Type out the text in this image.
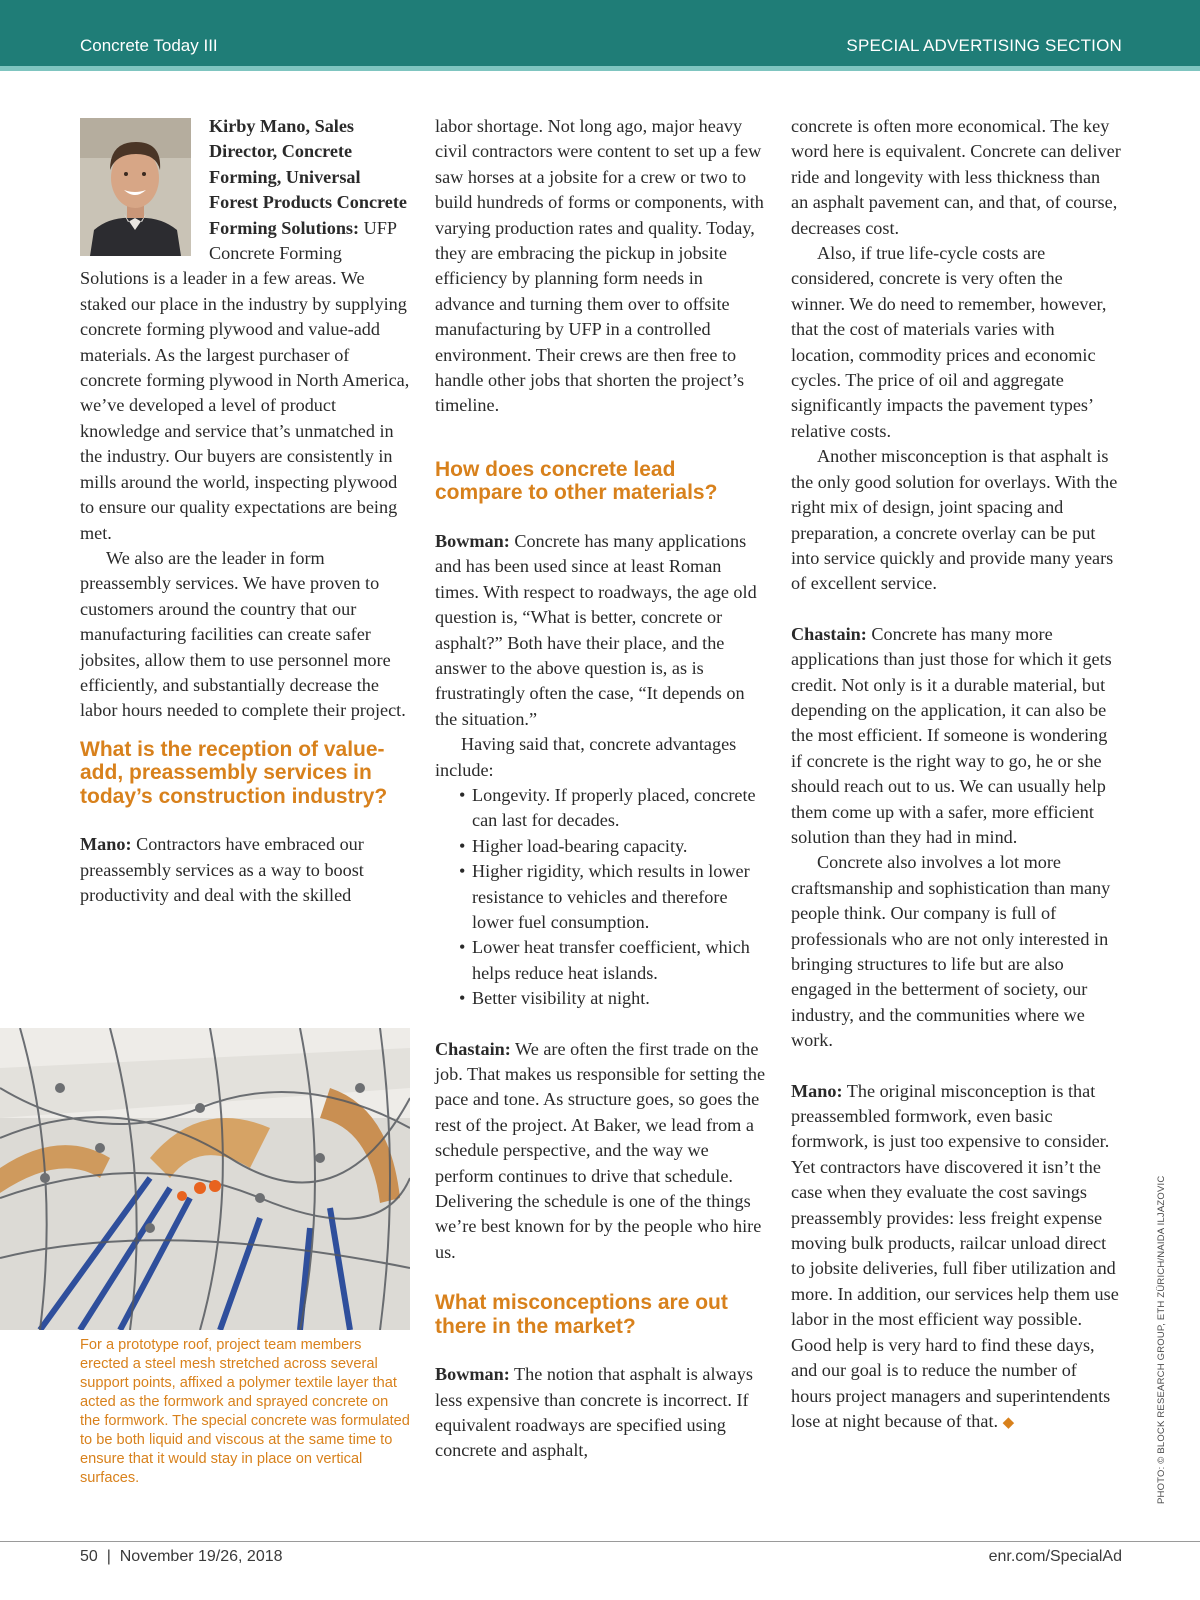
Concrete Today III	SPECIAL ADVERTISING SECTION

Kirby Mano, Sales Director, Concrete Forming, Universal Forest Products Concrete Forming Solutions: UFP Concrete Forming Solutions is a leader in a few areas. We staked our place in the industry by supplying concrete forming plywood and value-add materials. As the largest purchaser of concrete forming plywood in North America, we’ve developed a level of product knowledge and service that’s unmatched in the industry. Our buyers are consistently in mills around the world, inspecting plywood to ensure our quality expectations are being met.

We also are the leader in form preassembly services. We have proven to customers around the country that our manufacturing facilities can create safer jobsites, allow them to use personnel more efficiently, and substantially decrease the labor hours needed to complete their project.

What is the reception of value-add, preassembly services in today’s construction industry?

Mano: Contractors have embraced our preassembly services as a way to boost productivity and deal with the skilled

For a prototype roof, project team members erected a steel mesh stretched across several support points, affixed a polymer textile layer that acted as the formwork and sprayed concrete on the formwork. The special concrete was formulated to be both liquid and viscous at the same time to ensure that it would stay in place on vertical surfaces.

labor shortage. Not long ago, major heavy civil contractors were content to set up a few saw horses at a jobsite for a crew or two to build hundreds of forms or components, with varying production rates and quality. Today, they are embracing the pickup in jobsite efficiency by planning form needs in advance and turning them over to offsite manufacturing by UFP in a controlled environment. Their crews are then free to handle other jobs that shorten the project’s timeline.

How does concrete lead compare to other materials?

Bowman: Concrete has many applications and has been used since at least Roman times. With respect to roadways, the age old question is, “What is better, concrete or asphalt?” Both have their place, and the answer to the above question is, as is frustratingly often the case, “It depends on the situation.”

Having said that, concrete advantages include:

• Longevity. If properly placed, concrete can last for decades.
• Higher load-bearing capacity.
• Higher rigidity, which results in lower resistance to vehicles and therefore lower fuel consumption.
• Lower heat transfer coefficient, which helps reduce heat islands.
• Better visibility at night.

Chastain: We are often the first trade on the job. That makes us responsible for setting the pace and tone. As structure goes, so goes the rest of the project. At Baker, we lead from a schedule perspective, and the way we perform continues to drive that schedule. Delivering the schedule is one of the things we’re best known for by the people who hire us.

What misconceptions are out there in the market?

Bowman: The notion that asphalt is always less expensive than concrete is incorrect. If equivalent roadways are specified using concrete and asphalt,

concrete is often more economical. The key word here is equivalent. Concrete can deliver ride and longevity with less thickness than an asphalt pavement can, and that, of course, decreases cost.

Also, if true life-cycle costs are considered, concrete is very often the winner. We do need to remember, however, that the cost of materials varies with location, commodity prices and economic cycles. The price of oil and aggregate significantly impacts the pavement types’ relative costs.

Another misconception is that asphalt is the only good solution for overlays. With the right mix of design, joint spacing and preparation, a concrete overlay can be put into service quickly and provide many years of excellent service.

Chastain: Concrete has many more applications than just those for which it gets credit. Not only is it a durable material, but depending on the application, it can also be the most efficient. If someone is wondering if concrete is the right way to go, he or she should reach out to us. We can usually help them come up with a safer, more efficient solution than they had in mind.

Concrete also involves a lot more craftsmanship and sophistication than many people think. Our company is full of professionals who are not only interested in bringing structures to life but are also engaged in the betterment of society, our industry, and the communities where we work.

Mano: The original misconception is that preassembled formwork, even basic formwork, is just too expensive to consider. Yet contractors have discovered it isn’t the case when they evaluate the cost savings preassembly provides: less freight expense moving bulk products, railcar unload direct to jobsite deliveries, full fiber utilization and more. In addition, our services help them use labor in the most efficient way possible. Good help is very hard to find these days, and our goal is to reduce the number of hours project managers and superintendents lose at night because of that. ◆	PHOTO: © BLOCK RESEARCH GROUP, ETH ZÜRICH/NAIDA ILJAZOVIC
50 | November 19/26, 2018	enr.com/SpecialAd
